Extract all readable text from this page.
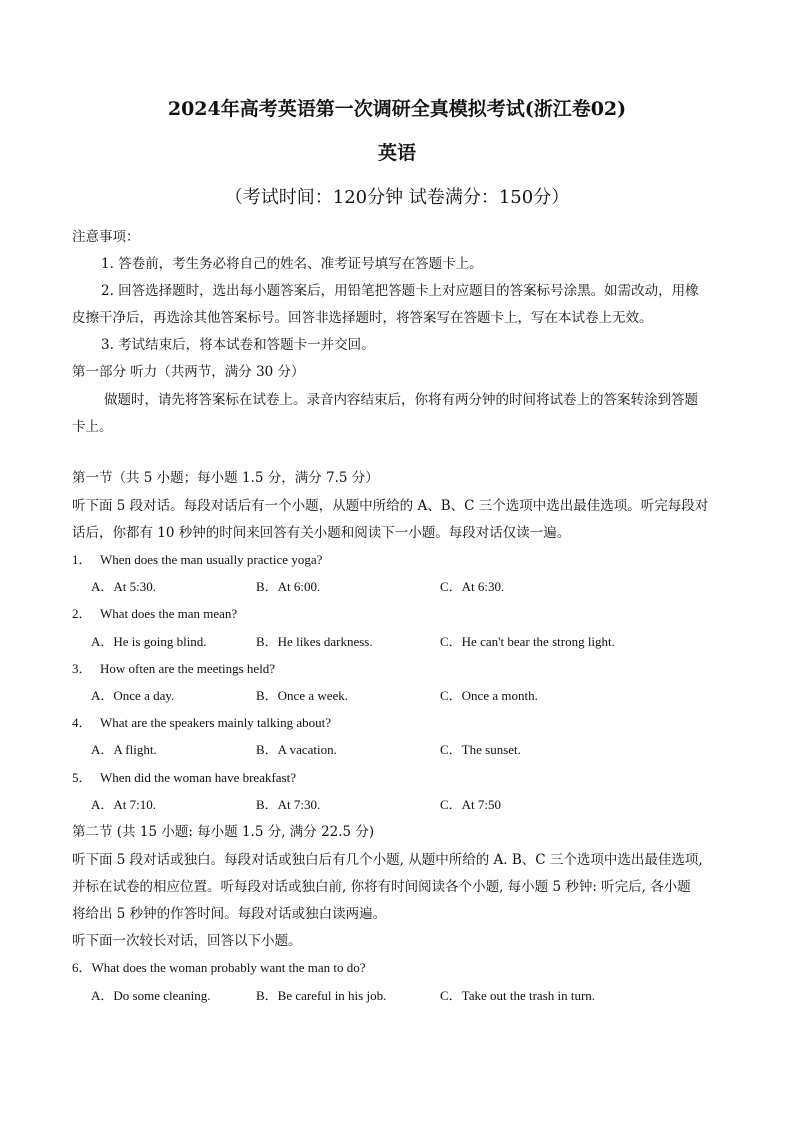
2024年高考英语第一次调研全真模拟考试(浙江卷02)
英语
（考试时间：120分钟 试卷满分：150分）
注意事项：
1. 答卷前，考生务必将自己的姓名、准考证号填写在答题卡上。
2. 回答选择题时，选出每小题答案后，用铅笔把答题卡上对应题目的答案标号涂黑。如需改动，用橡
皮擦干净后，再选涂其他答案标号。回答非选择题时，将答案写在答题卡上，写在本试卷上无效。
3. 考试结束后，将本试卷和答题卡一并交回。
第一部分 听力（共两节，满分 30 分）
做题时，请先将答案标在试卷上。录音内容结束后，你将有两分钟的时间将试卷上的答案转涂到答题
卡上。
第一节（共 5 小题；每小题 1.5 分，满分 7.5 分）
听下面 5 段对话。每段对话后有一个小题，从题中所给的 A、B、C 三个选项中选出最佳选项。听完每段对
话后，你都有 10 秒钟的时间来回答有关小题和阅读下一小题。每段对话仅读一遍。
1． When does the man usually practice yoga?
A．At 5:30.	B．At 6:00.	C．At 6:30.
2． What does the man mean?
A．He is going blind.	B．He likes darkness.	C．He can't bear the strong light.
3． How often are the meetings held?
A．Once a day.	B．Once a week.	C．Once a month.
4． What are the speakers mainly talking about?
A．A flight.	B．A vacation.	C．The sunset.
5． When did the woman have breakfast?
A．At 7:10.	B．At 7:30.	C．At 7:50
第二节 (共 15 小题: 每小题 1.5 分, 满分 22.5 分)
听下面 5 段对话或独白。每段对话或独白后有几个小题, 从题中所给的 A. B、C 三个选项中选出最佳选项,
并标在试卷的相应位置。听每段对话或独白前, 你将有时间阅读各个小题, 每小题 5 秒钟: 听完后, 各小题
将给出 5 秒钟的作答时间。每段对话或独白读两遍。
听下面一次较长对话，回答以下小题。
6．What does the woman probably want the man to do?
A．Do some cleaning.	B．Be careful in his job.	C．Take out the trash in turn.
